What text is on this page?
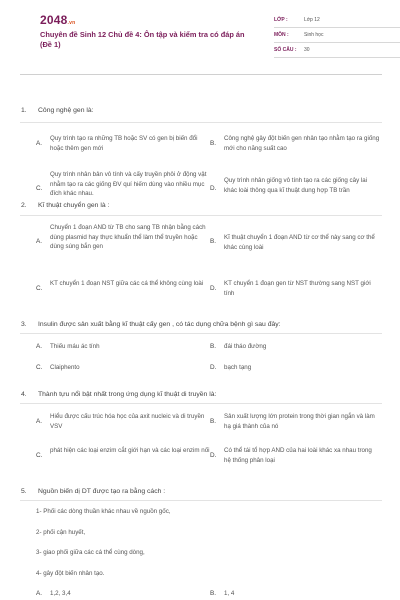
2048.vn
Chuyên đề Sinh 12 Chủ đề 4: Ôn tập và kiểm tra có đáp án (Đề 1)
LỚP :	Lớp 12
MÔN :	Sinh học
SỐ CÂU : 30
1. Công nghệ gen là:
A.
Quy trình tạo ra những TB hoặc SV có gen bị biến đổi hoặc thêm gen mới
B.
Công nghệ gây đột biến gen nhân tạo nhằm tạo ra giống mới cho năng suất cao
C.
Quy trình nhân bản vô tính và cấy truyền phôi ở động vật nhằm tạo ra các giống ĐV quí hiếm dùng vào nhiều mục đích khác nhau.
D.
Quy trình nhân giống vô tính tạo ra các giống cây lai khác loài thông qua kĩ thuật dung hợp TB trần
2. Kĩ thuật chuyển gen là :
A.
Chuyển 1 đoạn AND từ TB cho sang TB nhận bằng cách dùng plasmid hay thực khuẩn thể làm thể truyền hoặc dùng súng bắn gen
B.
Kĩ thuật chuyển 1 đoạn AND từ cơ thể này sang cơ thể khác cùng loài
C.
KT chuyển 1 đoạn NST giữa các cá thể không cùng loài
D.
KT chuyển 1 đoạn gen từ NST thường sang NST giới tính
3. Insulin được sản xuất bằng kĩ thuật cấy gen , có tác dụng chữa bệnh gì sau đây:
A. Thiếu máu ác tính	B. đái tháo đường
C. Claiphento	D. bạch tạng
4. Thành tựu nổi bật nhất trong ứng dụng kĩ thuật di truyền là:
A.
Hiểu được cấu trúc hóa học của axit nucleic và di truyền VSV
B.
Sản xuất lượng lớn protein trong thời gian ngắn và làm hạ giá thành của nó
C.
phát hiện các loại enzim cắt giới hạn và các loại enzim nối
D.
Có thể tái tổ hợp AND của hai loài khác xa nhau trong hệ thống phân loại
5. Nguồn biến dị DT được tạo ra bằng cách :
1- Phối các dòng thuần khác nhau về nguồn gốc,
2- phối cận huyết,
3- giao phối giữa các cá thể cùng dòng,
4- gây đột biến nhân tạo.
A. 1,2, 3,4	B. 1, 4
